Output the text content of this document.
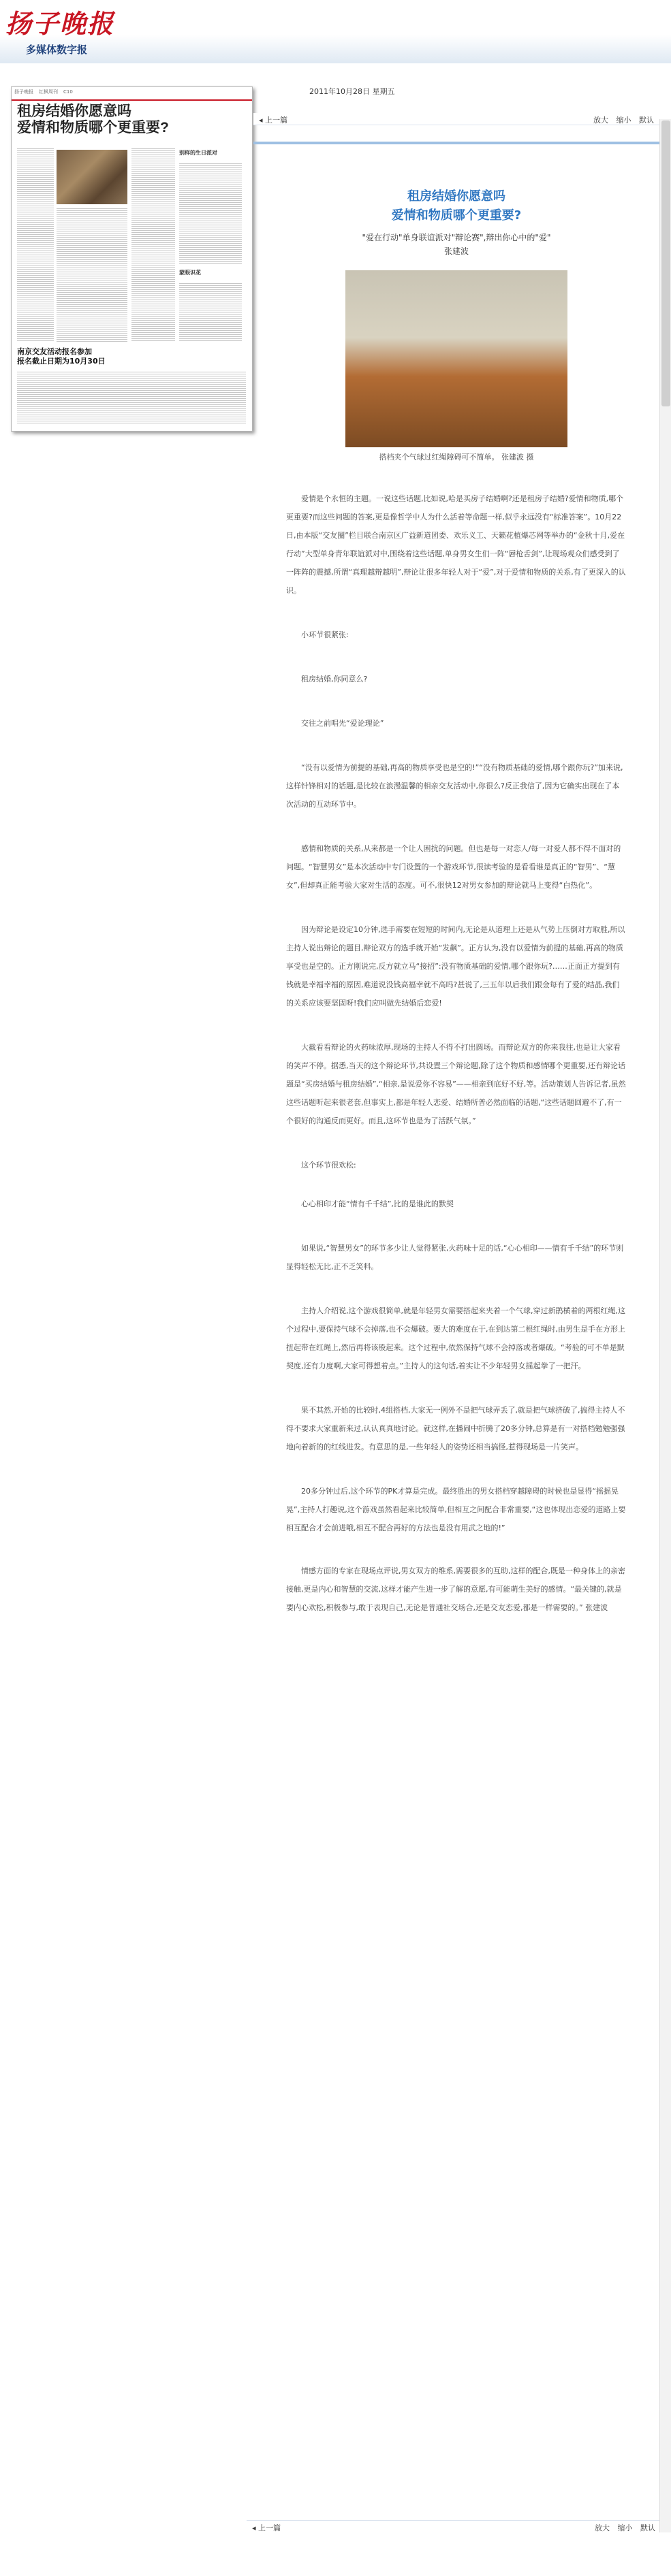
扬子晚报
多媒体数字报
2011年10月28日 星期五
扬子晚报 红枫周刊 C10
租房结婚你愿意吗
爱情和物质哪个更重要?
别样的生日派对
蒙眼识花
南京交友活动报名参加
报名截止日期为10月30日
◂ 上一篇	放大 缩小 默认
租房结婚你愿意吗
爱情和物质哪个更重要?
"爱在行动"单身联谊派对"辩论赛",辩出你心中的"爱"
张建波
搭档夹个气球过红绳障碍可不简单。 张建波 摄

爱情是个永恒的主题。一说这些话题,比如说,哈是买房子结婚啊?还是租房子结婚?爱情和物质,哪个更重要?而这些问题的答案,更是像哲学中人为什么活着等命题一样,似乎永远没有“标准答案”。10月22日,由本版“交友圈”栏目联合南京区广益新道团委、欢乐义工、天籁花植爆芯网等举办的“金秋十月,爱在行动”大型单身青年联谊派对中,围绕着这些话题,单身男女生们一阵“唇枪舌剑”,让现场观众们感受到了一阵阵的震撼,所谓“真理越辩越明”,辩论让很多年轻人对于“爱”,对于爱情和物质的关系,有了更深入的认识。

小环节很紧张:

租房结婚,你同意么?

交往之前唱先“爱论理论”

“没有以爱情为前提的基础,再高的物质享受也是空的!”“没有物质基础的爱情,哪个跟你玩?”加来说,这样针锋相对的话题,是比较在浪漫温馨的相亲交友活动中,你很么?反正我信了,因为它确实出现在了本次活动的互动环节中。

感情和物质的关系,从来都是一个让人困扰的问题。但也是每一对恋人/每一对爱人都不得不面对的问题。“智慧男女”是本次活动中专门设置的一个游戏环节,很读考验的是看看谁是真正的“智男”、“慧女”,但却真正能考验大家对生活的态度。可不,很快12对男女参加的辩论就马上变得“白热化”。

因为辩论是设定10分钟,选手需要在短短的时间内,无论是从道理上还是从气势上压倒对方取胜,所以主持人说出辩论的题目,辩论双方的选手就开始“发飙”。正方认为,没有以爱情为前提的基础,再高的物质享受也是空的。正方刚说完,反方就立马“接招”:没有物质基础的爱情,哪个跟你玩?……正面正方提到有钱就是幸福幸福的原因,难道说没钱高福幸就不高吗?甚说了,三五年以后我们跟金每有了爱的结晶,我们的关系应该要坚固呀!我们应叫做先结婚后恋爱!

大截看看辩论的火药味浓厚,现场的主持人不得不打出圆场。而辩论双方的你来我往,也是让大家看的笑声不停。据悉,当天的这个辩论环节,共设置三个辩论题,除了这个物质和感情哪个更重要,还有辩论话题是“买房结婚与租房结婚”,“相亲,是说爱你不容易”——相亲到底好不好,等。活动策划人告诉记者,虽然这些话题听起来很老套,但事实上,都是年轻人恋爱、结婚所普必然面临的话题,“这些话题回避不了,有一个很好的沟通反而更好。而且,这环节也是为了活跃气氛。”

这个环节很欢松:

心心相印才能“情有千千结”,比的是谁此的默契

如果说,“智慧男女”的环节多少让人觉得紧张,火药味十足的话,“心心相印——情有千千结”的环节则显得轻松无比,正不乏笑料。

主持人介绍说,这个游戏很简单,就是年轻男女需要搭起来夹着一个气球,穿过新鹃横着的两根红绳,这个过程中,要保持气球不会掉落,也不会爆破。要大的难度在于,在到达第二根红绳时,由男生是手在方形上扭起带在红绳上,然后再将该股起来。这个过程中,依然保持气球不会掉落或者爆破。“考验的可不单是默契度,还有力度啊,大家可得想着点。”主持人的这句话,着实让不少年轻男女摇起拳了一把汗。

果不其然,开始的比较时,4组搭档,大家无一例外不是把气球弄丢了,就是把气球挤破了,搞得主持人不得不要求大家重新来过,认认真真地讨论。就这样,在播闹中折腾了20多分钟,总算是有一对搭档勉勉强强地向着新的的红线进发。有意思的是,一些年轻人的姿势还相当搞怪,惹得现场是一片笑声。

20多分钟过后,这个环节的PK才算是完成。最终胜出的男女搭档穿越障碍的时候也是显得“摇摇晃晃”,主持人打趣说,这个游戏虽然看起来比较简单,但相互之间配合非常重要,“这也体现出恋爱的道路上要相互配合才会前进哦,相互不配合再好的方法也是没有用武之地的!”

情感方面的专家在现场点评说,男女双方的维系,需要很多的互助,这样的配合,既是一种身体上的亲密接触,更是内心和智慧的交流,这样才能产生进一步了解的意愿,有可能萌生美好的感情。“最关键的,就是要内心欢松,积极参与,敢于表现自己,无论是普通社交场合,还是交友恋爱,都是一样需要的。” 张建波

◂ 上一篇	放大 缩小 默认
